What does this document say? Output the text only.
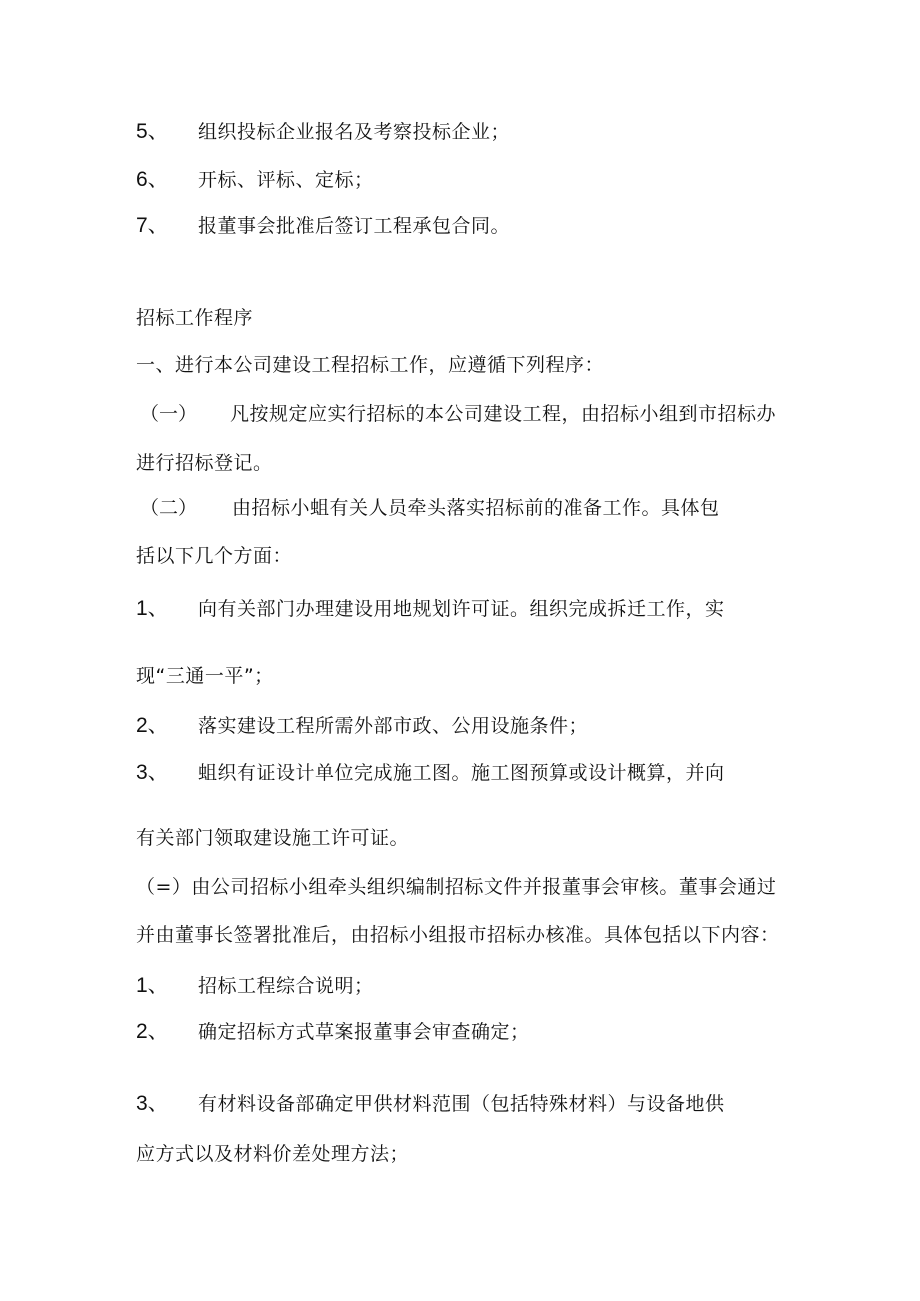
5、 组织投标企业报名及考察投标企业；
6、 开标、评标、定标；
7、 报董事会批准后签订工程承包合同。
招标工作程序
一、进行本公司建设工程招标工作，应遵循下列程序：
（一） 凡按规定应实行招标的本公司建设工程，由招标小组到市招标办
进行招标登记。
（二） 由招标小蛆有关人员牵头落实招标前的准备工作。具体包
括以下几个方面：
1、 向有关部门办理建设用地规划许可证。组织完成拆迁工作，实
现“三通一平”；
2、 落实建设工程所需外部市政、公用设施条件；
3、 蛆织有证设计单位完成施工图。施工图预算或设计概算，并向
有关部门领取建设施工许可证。
（=）由公司招标小组牵头组织编制招标文件并报董事会审核。董事会通过
并由董事长签署批准后，由招标小组报市招标办核准。具体包括以下内容：
1、 招标工程综合说明；
2、 确定招标方式草案报董事会审查确定；
3、 有材料设备部确定甲供材料范围（包括特殊材料）与设备地供
应方式以及材料价差处理方法；
